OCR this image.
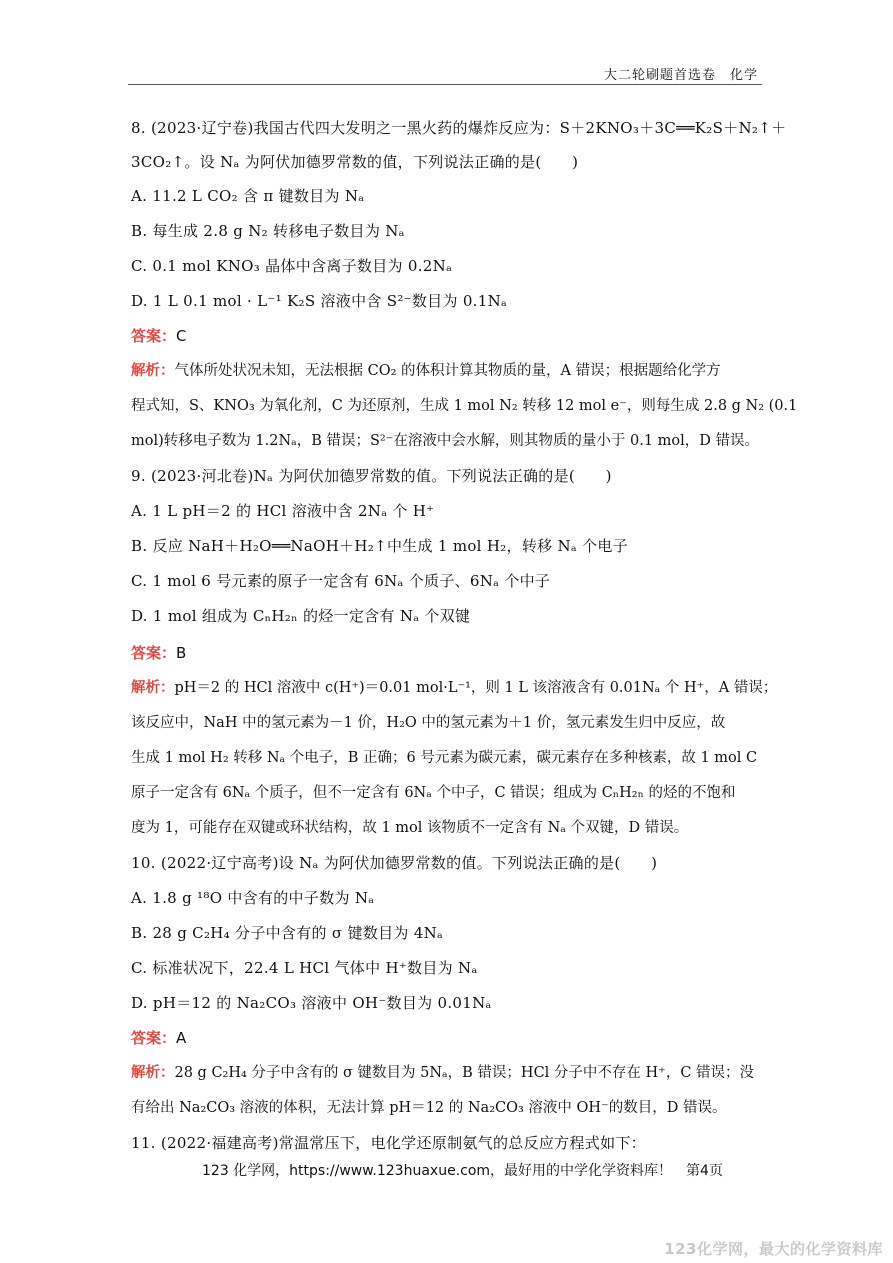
大二轮刷题首选卷　化学
8. (2023·辽宁卷)我国古代四大发明之一黑火药的爆炸反应为：S＋2KNO₃＋3C══K₂S＋N₂↑＋
3CO₂↑。设 Nₐ 为阿伏加德罗常数的值，下列说法正确的是(　　)
A. 11.2 L CO₂ 含 π 键数目为 Nₐ
B. 每生成 2.8 g N₂ 转移电子数目为 Nₐ
C. 0.1 mol KNO₃ 晶体中含离子数目为 0.2Nₐ
D. 1 L 0.1 mol · L⁻¹ K₂S 溶液中含 S²⁻数目为 0.1Nₐ
答案：C
解析：气体所处状况未知，无法根据 CO₂ 的体积计算其物质的量，A 错误；根据题给化学方
程式知，S、KNO₃ 为氧化剂，C 为还原剂，生成 1 mol N₂ 转移 12 mol e⁻，则每生成 2.8 g N₂ (0.1
mol)转移电子数为 1.2Nₐ，B 错误；S²⁻在溶液中会水解，则其物质的量小于 0.1 mol，D 错误。
9. (2023·河北卷)Nₐ 为阿伏加德罗常数的值。下列说法正确的是(　　)
A. 1 L pH＝2 的 HCl 溶液中含 2Nₐ 个 H⁺
B. 反应 NaH＋H₂O══NaOH＋H₂↑中生成 1 mol H₂，转移 Nₐ 个电子
C. 1 mol 6 号元素的原子一定含有 6Nₐ 个质子、6Nₐ 个中子
D. 1 mol 组成为 CₙH₂ₙ 的烃一定含有 Nₐ 个双键
答案：B
解析：pH＝2 的 HCl 溶液中 c(H⁺)＝0.01 mol·L⁻¹，则 1 L 该溶液含有 0.01Nₐ 个 H⁺，A 错误；
该反应中，NaH 中的氢元素为－1 价，H₂O 中的氢元素为＋1 价，氢元素发生归中反应，故
生成 1 mol H₂ 转移 Nₐ 个电子，B 正确；6 号元素为碳元素，碳元素存在多种核素，故 1 mol C
原子一定含有 6Nₐ 个质子，但不一定含有 6Nₐ 个中子，C 错误；组成为 CₙH₂ₙ 的烃的不饱和
度为 1，可能存在双键或环状结构，故 1 mol 该物质不一定含有 Nₐ 个双键，D 错误。
10. (2022·辽宁高考)设 Nₐ 为阿伏加德罗常数的值。下列说法正确的是(　　)
A. 1.8 g ¹⁸O 中含有的中子数为 Nₐ
B. 28 g C₂H₄ 分子中含有的 σ 键数目为 4Nₐ
C. 标准状况下，22.4 L HCl 气体中 H⁺数目为 Nₐ
D. pH＝12 的 Na₂CO₃ 溶液中 OH⁻数目为 0.01Nₐ
答案：A
解析：28 g C₂H₄ 分子中含有的 σ 键数目为 5Nₐ，B 错误；HCl 分子中不存在 H⁺，C 错误；没
有给出 Na₂CO₃ 溶液的体积，无法计算 pH＝12 的 Na₂CO₃ 溶液中 OH⁻的数目，D 错误。
11. (2022·福建高考)常温常压下，电化学还原制氨气的总反应方程式如下：
123 化学网，https://www.123huaxue.com，最好用的中学化学资料库！　第4页
123化学网，最大的化学资料库
